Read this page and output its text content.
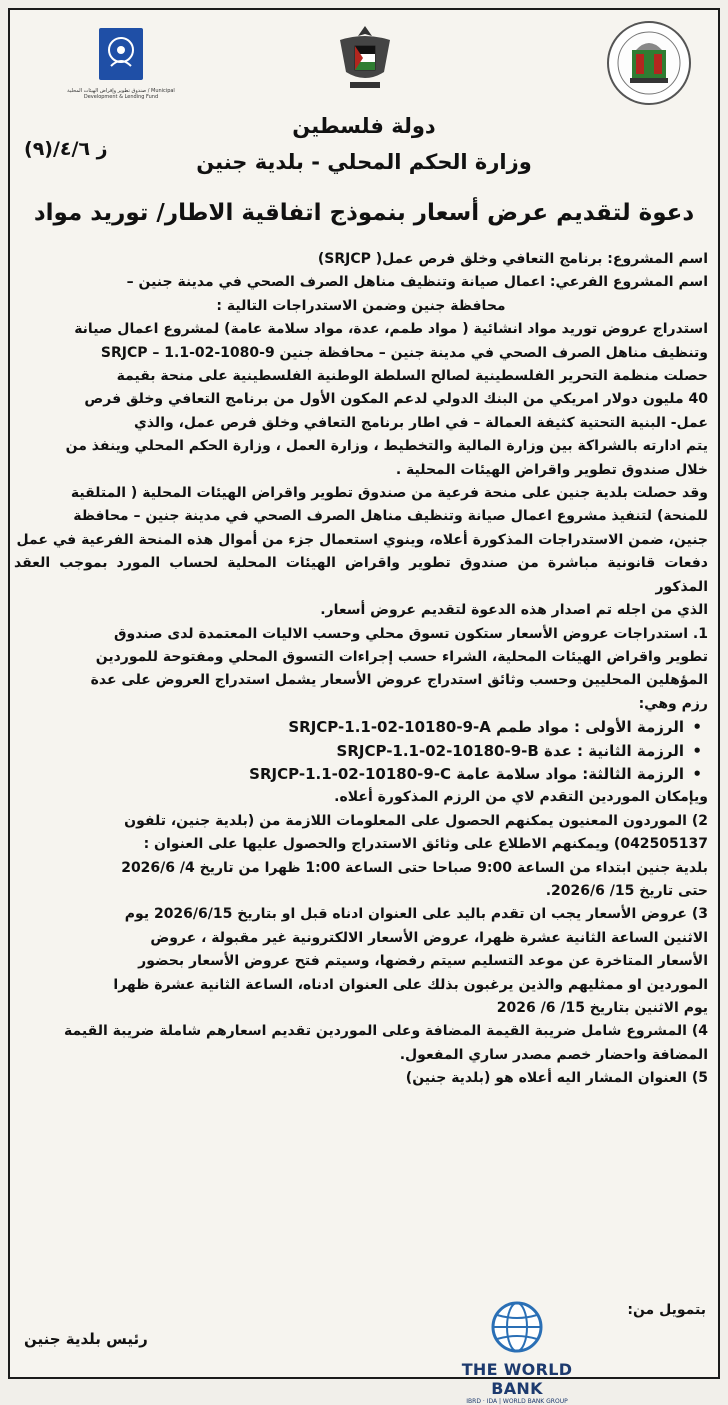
صندوق تطوير وإقراض الهيئات المحلية / Municipal Development & Lending Fund
دولة فلسطين
ز ٤/٦/(٩)
وزارة الحكم المحلي - بلدية جنين
دعوة لتقديم عرض أسعار بنموذج اتفاقية الاطار/ توريد مواد

اسم المشروع: برنامج التعافي وخلق فرص عمل( SRJCP)

اسم المشروع الفرعي: اعمال صيانة وتنظيف مناهل الصرف الصحي في مدينة جنين –

محافظة جنين وضمن الاستدراجات التالية :

استدراج عروض توريد مواد انشائية ( مواد طمم، عدة، مواد سلامة عامة) لمشروع اعمال صيانة

وتنظيف مناهل الصرف الصحي في مدينة جنين – محافظة جنين SRJCP – 1.1-02-1080-9

حصلت منظمة التحرير الفلسطينية لصالح السلطة الوطنية الفلسطينية على منحة بقيمة

40 مليون دولار امريكي من البنك الدولي لدعم المكون الأول من برنامج التعافي وخلق فرص

عمل- البنية التحتية كثيفة العمالة – في اطار برنامج التعافي وخلق فرص عمل، والذي

يتم ادارته بالشراكة بين وزارة المالية والتخطيط ، وزارة العمل ، وزارة الحكم المحلي وينفذ من

خلال صندوق تطوير واقراض الهيئات المحلية .

وقد حصلت بلدية جنين على منحة فرعية من صندوق تطوير واقراض الهيئات المحلية ( المتلقية

للمنحة) لتنفيذ مشروع اعمال صيانة وتنظيف مناهل الصرف الصحي في مدينة جنين – محافظة

جنين، ضمن الاستدراجات المذكورة أعلاه، وينوي استعمال جزء من أموال هذه المنحة الفرعية في عمل

دفعات قانونية مباشرة من صندوق تطوير واقراض الهيئات المحلية لحساب المورد بموجب العقد المذكور

الذي من اجله تم اصدار هذه الدعوة لتقديم عروض أسعار.

1. استدراجات عروض الأسعار ستكون تسوق محلي وحسب الاليات المعتمدة لدى صندوق

تطوير واقراض الهيئات المحلية، الشراء حسب إجراءات التسوق المحلي ومفتوحة للموردين

المؤهلين المحليين وحسب وثائق استدراج عروض الأسعار يشمل استدراج العروض على عدة

رزم وهي:

•
الرزمة الأولى : مواد طمم SRJCP-1.1-02-10180-9-A

•
الرزمة الثانية : عدة SRJCP-1.1-02-10180-9-B

•
الرزمة الثالثة: مواد سلامة عامة SRJCP-1.1-02-10180-9-C

ويإمكان الموردين التقدم لاي من الرزم المذكورة أعلاه.

2) الموردون المعنيون يمكنهم الحصول على المعلومات اللازمة من (بلدية جنين، تلفون

042505137) ويمكنهم الاطلاع على وثائق الاستدراج والحصول عليها على العنوان :

بلدية جنين ابتداء من الساعة 9:00 صباحا حتى الساعة 1:00 ظهرا من تاريخ 4/ 2026/6

حتى تاريخ 15/ 2026/6.

3) عروض الأسعار يجب ان تقدم باليد على العنوان ادناه قبل او بتاريخ 2026/6/15 يوم

الاثنين الساعة الثانية عشرة ظهرا، عروض الأسعار الالكترونية غير مقبولة ، عروض

الأسعار المتاخرة عن موعد التسليم سيتم رفضها، وسيتم فتح عروض الأسعار بحضور

الموردين او ممثليهم والذين يرغبون بذلك على العنوان ادناه، الساعة الثانية عشرة ظهرا

يوم الاثنين بتاريخ 15/ 6/ 2026

4) المشروع شامل ضريبة القيمة المضافة وعلى الموردين تقديم اسعارهم شاملة ضريبة القيمة

المضافة واحضار خصم مصدر ساري المفعول.

5) العنوان المشار اليه أعلاه هو (بلدية جنين)

بتمويل من:
THE WORLD BANK
IBRD · IDA | WORLD BANK GROUP
رئيس بلدية جنين
